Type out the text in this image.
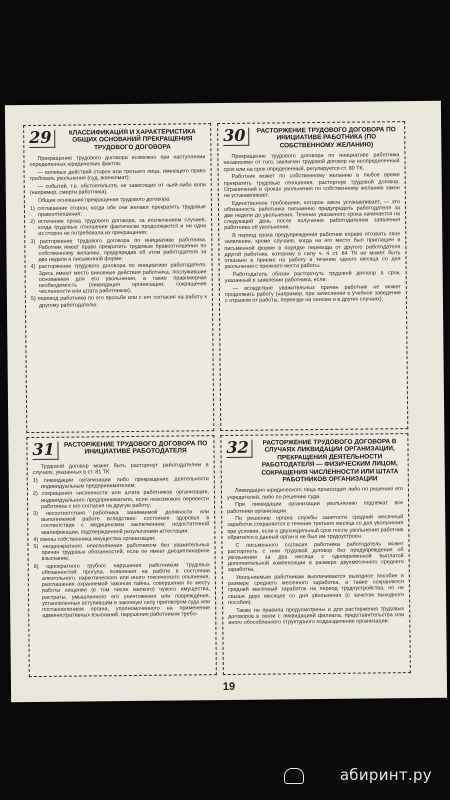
29	КЛАССИФИКАЦИЯ И ХАРАКТЕРИСТИКА ОБЩИХ ОСНОВАНИЙ ПРЕКРАЩЕНИЯ ТРУДОВОГО ДОГОВОРА

Прекращение трудового договора возможно при наступлении определенных юридических фактов:

— волевых действий сторон или третьего лица, имеющего право требовать увольнения (суд, военкомат);

— событий, т.е. обстоятельств, не зависящих от чьей-либо воли (например, смерти работника).

Общие основания прекращения трудового договора:

1) соглашение сторон, когда обе они желают прекратить трудовые правоотношения;
2) истечение срока трудового договора, за исключением случаев, когда трудовые отношения фактически продолжаются и ни одна из сторон не потребовала их прекращения;
3) расторжение трудового договора по инициативе работника. Работник имеет право прекратить трудовые правоотношения по собственному желанию, предупредив об этом работодателя за две недели в письменной форме;
4) расторжение трудового договора по инициативе работодателя. Здесь имеют место виновные действия работника, послужившие основанием для его увольнения, а также правомерная необходимость (ликвидация организации, сокращение численности или штата работников);
5) перевод работника по его просьбе или с его согласия на работу к другому работодателю.
30	РАСТОРЖЕНИЕ ТРУДОВОГО ДОГОВОРА ПО ИНИЦИАТИВЕ РАБОТНИКА (ПО СОБСТВЕННОМУ ЖЕЛАНИЮ)

Прекращение трудового договора по инициативе работника независимо от того, заключен трудовой договор на неопределенный срок или на срок определенный, регулируется ст. 80 ТК.

Работник может по собственному желанию в любое время прекратить трудовые отношения, расторгнув трудовой договор. Ограничений в сроках увольнения по собственному желанию закон не устанавливает.

Единственное требование, которое закон устанавливает, — это обязанность работника письменно предупредить работодателя за две недели до увольнения. Течение указанного срока начинается на следующий день после получения работодателем заявления работника об увольнении.

В период срока предупреждения работник вправе отозвать свое заявление, кроме случаев, когда на его место был приглашен в письменной форме в порядке перевода от другого работодателя другой работник, которому в силу ч. 4 ст. 64 ТК не может быть отказано в приеме на работу в течение одного месяца со дня увольнения с прежнего места работы.

Работодатель обязан расторгнуть трудовой договор в срок, указанный в заявлении работника, если:

— вследствие уважительных причин работник не может продолжать работу (например, при зачислении в учебное заведение с отрывом от работы, переезде на пенсию и в других случаях);

31	РАСТОРЖЕНИЕ ТРУДОВОГО ДОГОВОРА ПО ИНИЦИАТИВЕ РАБОТОДАТЕЛЯ

Трудовой договор может быть расторгнут работодателем в случаях, указанных в ст. 81 ТК:

1) ликвидации организации либо прекращение деятельности индивидуальным предпринимателем;
2) сокращения численности или штата работников организации, индивидуального предпринимателя, если невозможно перевести работника с его согласия на другую работу;
3) несоответствия работника занимаемой должности или выполняемой работе вследствие: состояния здоровья в соответствии с медицинским заключением; недостаточной квалификации, подтвержденной результатами аттестации;
4) смены собственника имущества организации;
5) неоднократного неисполнения работником без уважительных причин трудовых обязанностей, если он имеет дисциплинарное взыскание;
6) однократного грубого нарушения работником трудовых обязанностей: прогула, появления на работе в состоянии алкогольного, наркотического или иного токсического опьянения, разглашения охраняемой законом тайны, совершения по месту работы хищения (в том числе мелкого) чужого имущества, растраты, умышленного его уничтожения или повреждения, установленных вступившим в законную силу приговором суда или постановлением органа, уполномоченного на применение административных взысканий, нарушения работником требо-
32	РАСТОРЖЕНИЕ ТРУДОВОГО ДОГОВОРА В СЛУЧАЯХ ЛИКВИДАЦИИ ОРГАНИЗАЦИИ, ПРЕКРАЩЕНИЯ ДЕЯТЕЛЬНОСТИ РАБОТОДАТЕЛЯ — ФИЗИЧЕСКИМ ЛИЦОМ, СОКРАЩЕНИЯ ЧИСЛЕННОСТИ ИЛИ ШТАТА РАБОТНИКОВ ОРГАНИЗАЦИИ

Ликвидация юридического лица происходит либо по решению его учредителей, либо по решению суда.

При ликвидации организации увольнению подлежат все работники организации.

По решению органа службы занятости средний месячный заработок сохраняется в течение третьего месяца со дня увольнения при условии, если в двухнедельный срок после увольнения работник обратился в данный орган и не был им трудоустроен.

С письменного согласия работника работодатель может расторгнуть с ним трудовой договор без предупреждения об увольнении за два месяца с одновременной выплатой дополнительной компенсации в размере двухмесячного среднего заработка.

Увольняемым работникам выплачивается выходное пособие в размере среднего месячного заработка, а также сохраняется средний месячный заработок на период трудоустройства, но не свыше двух месяцев со дня увольнения (с зачетом выходного пособия).

Также не правила предусмотрены и для расторжения трудовых договоров в связи с ликвидацией филиала, представительства или иного обособленного структурного подразделения организации.

19
абиринт.ру
